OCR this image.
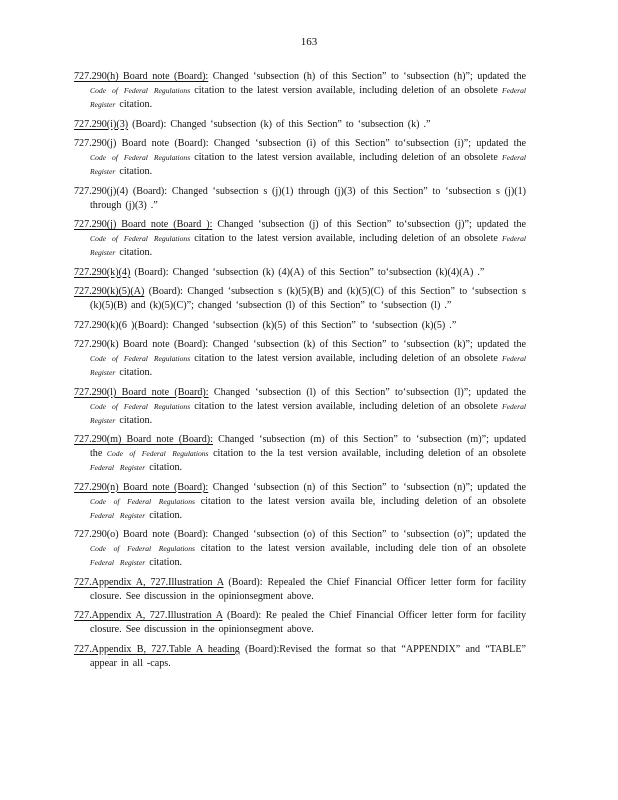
163
727.290(h) Board note (Board): Changed ‘subsection (h) of this Section” to ‘subsection (h)”; updated the Code of Federal Regulations citation to the latest version available, including deletion of an obsolete Federal Register citation.
727.290(i)(3) (Board): Changed ‘subsection (k) of this Section” to ‘subsection (k) .”
727.290(j) Board note (Board): Changed ‘subsection (i) of this Section” to‘subsection (i)”; updated the Code of Federal Regulations citation to the latest version available, including deletion of an obsolete Federal Register citation.
727.290(j)(4) (Board): Changed ‘subsection s (j)(1) through (j)(3) of this Section” to ‘subsection s (j)(1) through (j)(3) .”
727.290(j) Board note (Board ): Changed ‘subsection (j) of this Section” to‘subsection (j)”; updated the Code of Federal Regulations citation to the latest version available, including deletion of an obsolete Federal Register citation.
727.290(k)(4) (Board): Changed ‘subsection (k) (4)(A) of this Section” to‘subsection (k)(4)(A) .”
727.290(k)(5)(A) (Board): Changed ‘subsection s (k)(5)(B) and (k)(5)(C) of this Section” to ‘subsection s (k)(5)(B) and (k)(5)(C)”; changed ‘subsection (l) of this Section” to ‘subsection (l) .”
727.290(k)(6 )(Board): Changed ‘subsection (k)(5) of this Section” to ‘subsection (k)(5) .”
727.290(k) Board note (Board): Changed ‘subsection (k) of this Section” to ‘subsection (k)”; updated the Code of Federal Regulations citation to the latest version available, including deletion of an obsolete Federal Register citation.
727.290(l) Board note (Board): Changed ‘subsection (l) of this Section” to‘subsection (l)”; updated the Code of Federal Regulations citation to the latest version available, including deletion of an obsolete Federal Register citation.
727.290(m) Board note (Board): Changed ‘subsection (m) of this Section” to ‘subsection (m)”; updated the Code of Federal Regulations citation to the la test version available, including deletion of an obsolete Federal Register citation.
727.290(n) Board note (Board): Changed ‘subsection (n) of this Section” to ‘subsection (n)”; updated the Code of Federal Regulations citation to the latest version availa ble, including deletion of an obsolete Federal Register citation.
727.290(o) Board note (Board): Changed ‘subsection (o) of this Section” to ‘subsection (o)”; updated the Code of Federal Regulations citation to the latest version available, including dele tion of an obsolete Federal Register citation.
727.Appendix A, 727.Illustration A (Board): Repealed the Chief Financial Officer letter form for facility closure. See discussion in the opinionsegment above.
727.Appendix A, 727.Illustration A (Board): Re pealed the Chief Financial Officer letter form for facility closure. See discussion in the opinionsegment above.
727.Appendix B, 727.Table A heading (Board):Revised the format so that “APPENDIX” and “TABLE” appear in all -caps.
